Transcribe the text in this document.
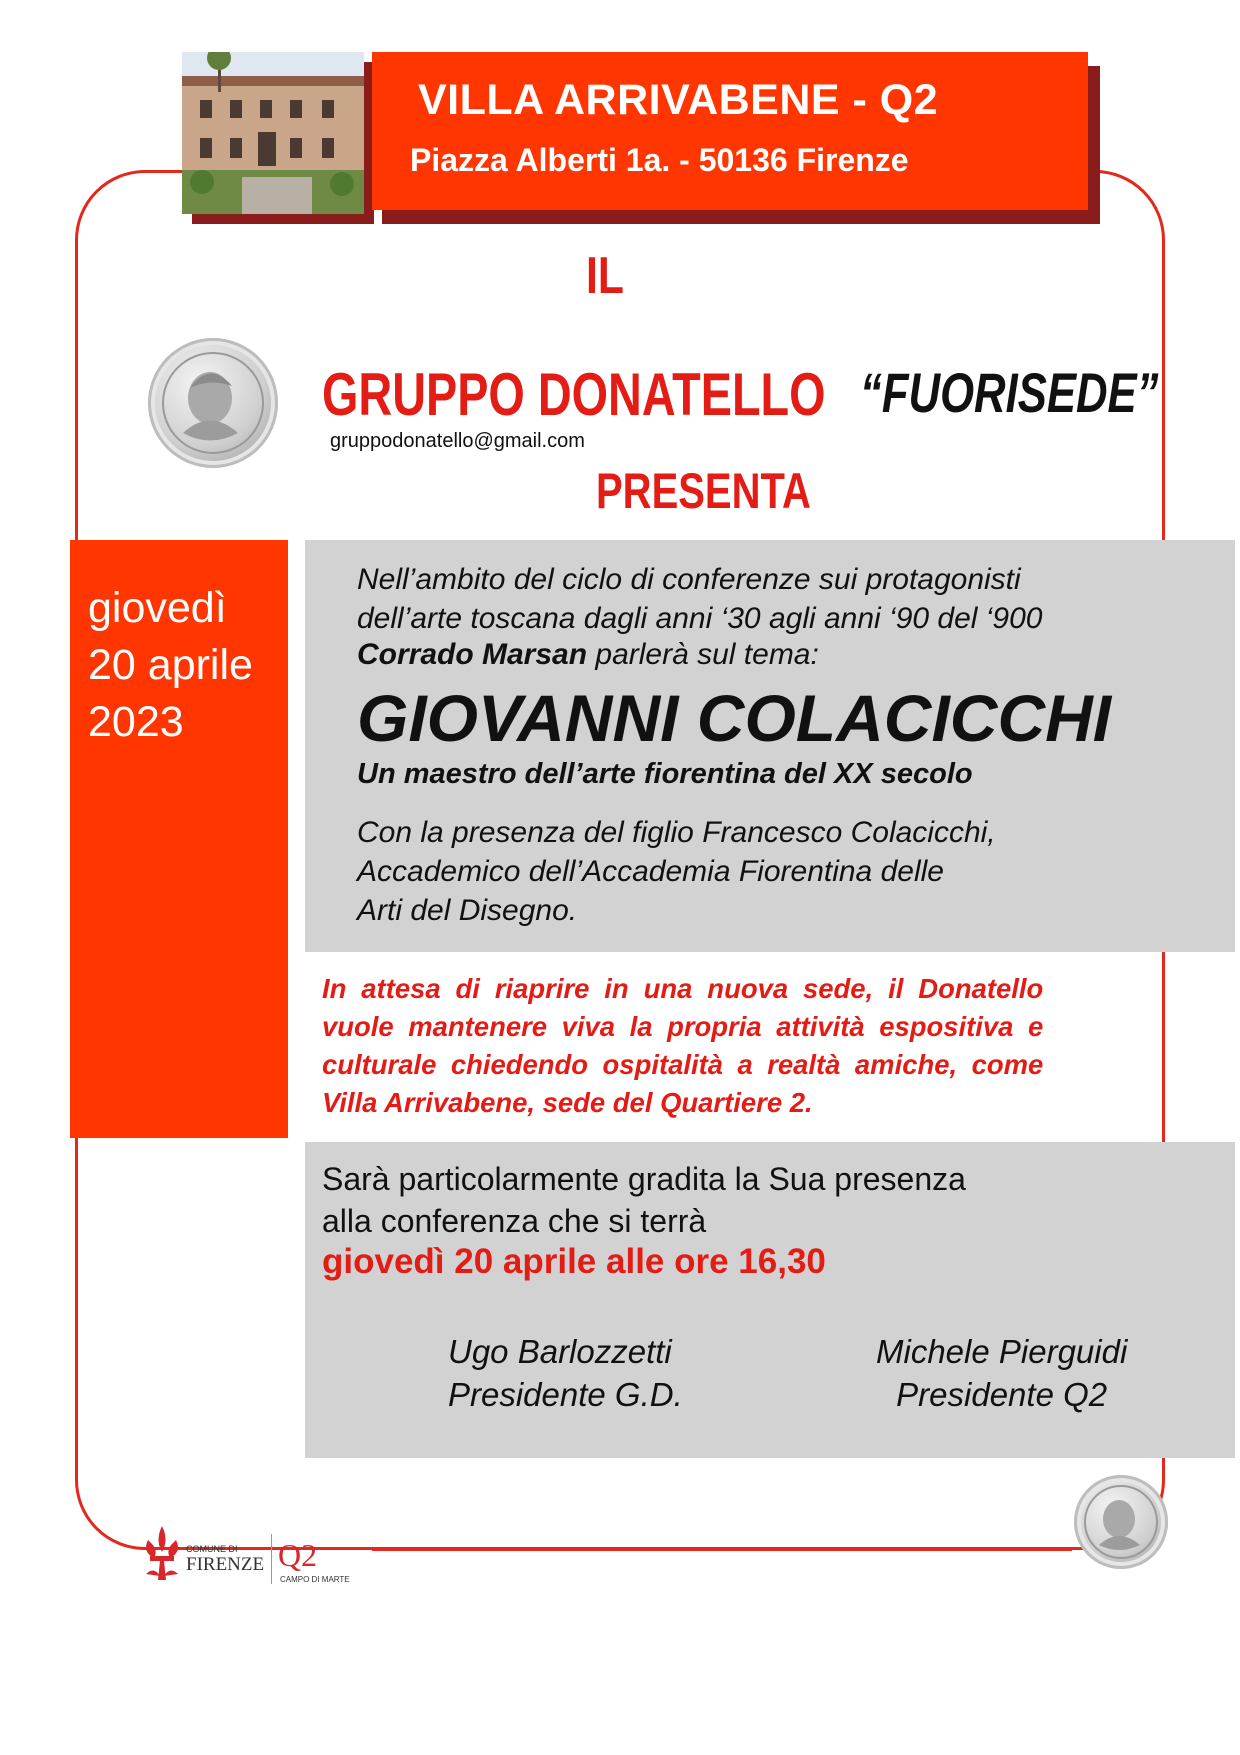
VILLA ARRIVABENE - Q2
Piazza Alberti 1a. - 50136 Firenze
IL
GRUPPO DONATELLO “FUORISEDE”
gruppodonatello@gmail.com
PRESENTA
giovedì
20 aprile
2023
Nell’ambito del ciclo di conferenze sui protagonisti
dell’arte toscana dagli anni ‘30 agli anni ‘90 del ‘900
Corrado Marsan parlerà sul tema:
GIOVANNI COLACICCHI
Un maestro dell’arte fiorentina del XX secolo
Con la presenza del figlio Francesco Colacicchi,
Accademico dell’Accademia Fiorentina delle
Arti del Disegno.
In attesa di riaprire in una nuova sede, il Donatello vuole mantenere viva la propria attività espositiva e culturale chiedendo ospitalità a realtà amiche, come Villa Arrivabene, sede del Quartiere 2.
Sarà particolarmente gradita la Sua presenza
alla conferenza che si terrà
giovedì 20 aprile alle ore 16,30
Ugo Barlozzetti
Presidente G.D.
Michele Pierguidi
Presidente Q2
COMUNE DI
FIRENZE Q2
CAMPO DI MARTE
